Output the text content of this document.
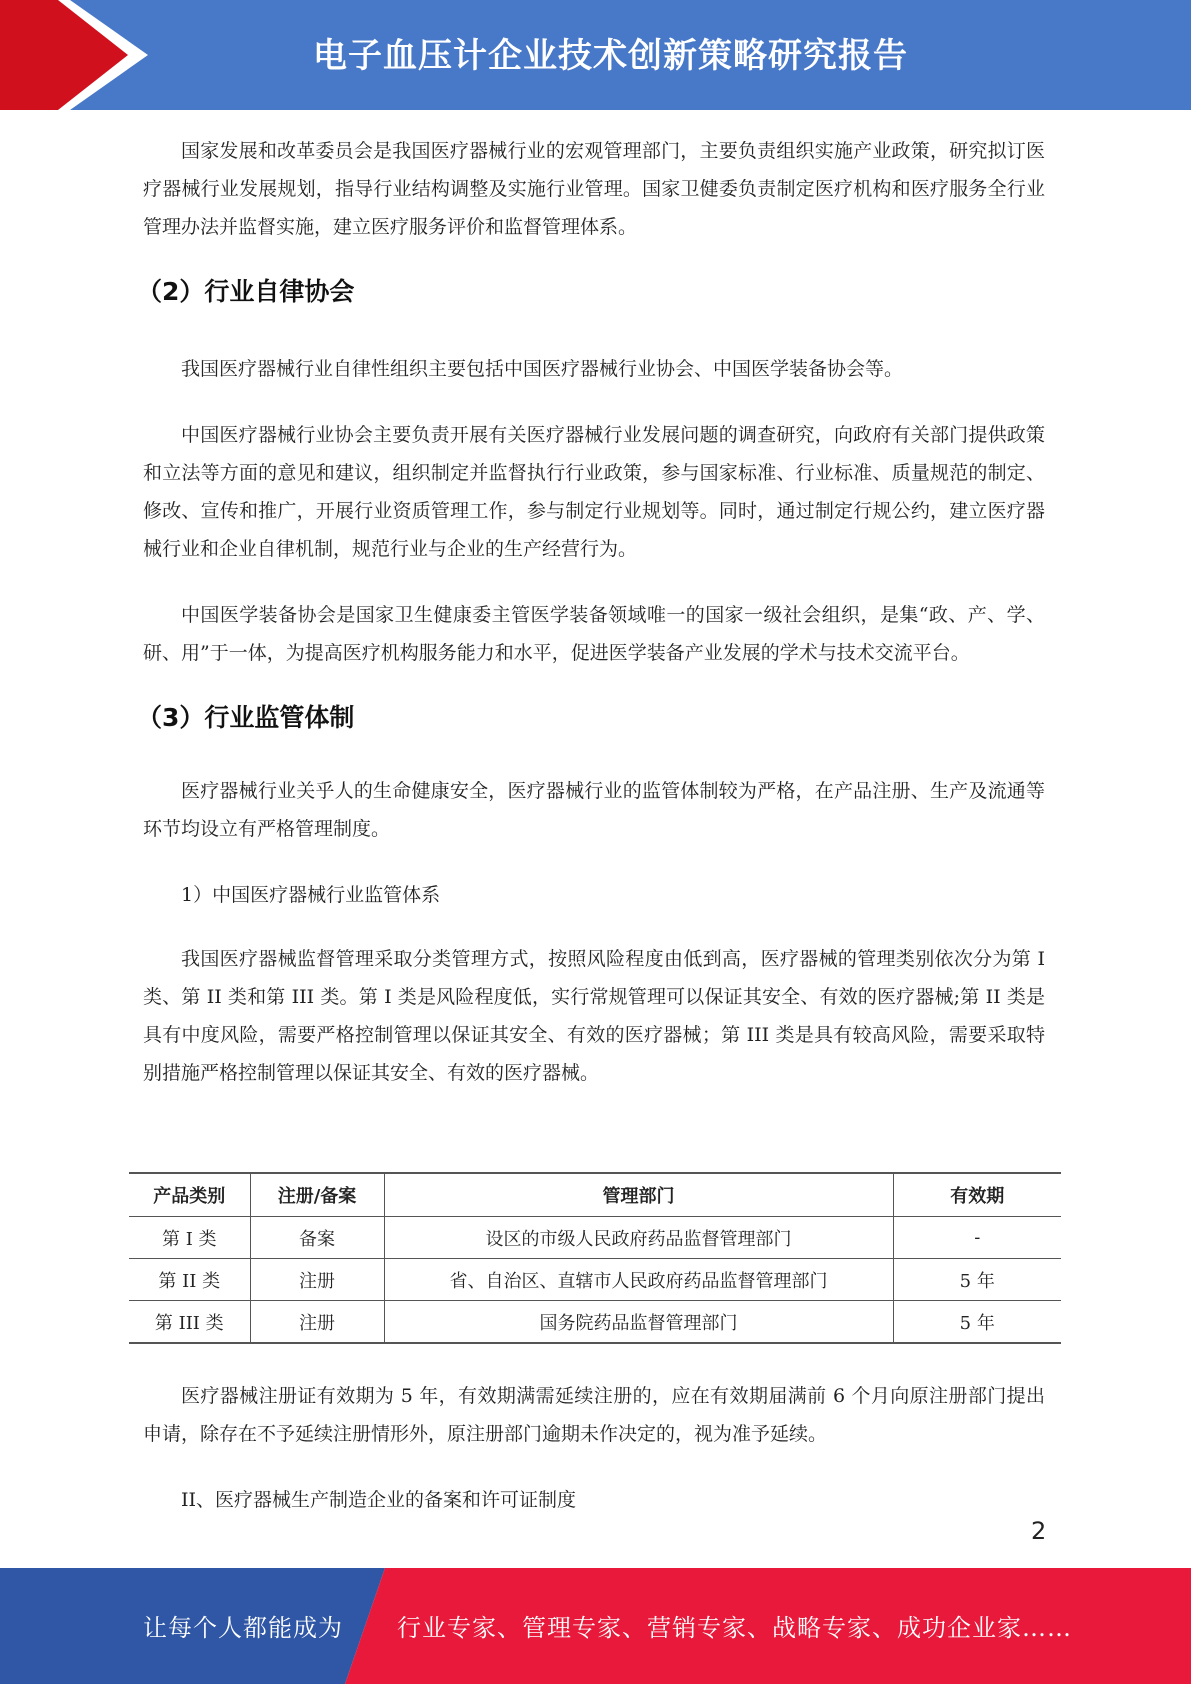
电子血压计企业技术创新策略研究报告

国家发展和改革委员会是我国医疗器械行业的宏观管理部门，主要负责组织实施产业政策，研究拟订医疗器械行业发展规划，指导行业结构调整及实施行业管理。国家卫健委负责制定医疗机构和医疗服务全行业管理办法并监督实施，建立医疗服务评价和监督管理体系。

（2）行业自律协会

我国医疗器械行业自律性组织主要包括中国医疗器械行业协会、中国医学装备协会等。

中国医疗器械行业协会主要负责开展有关医疗器械行业发展问题的调查研究，向政府有关部门提供政策和立法等方面的意见和建议，组织制定并监督执行行业政策，参与国家标准、行业标准、质量规范的制定、修改、宣传和推广，开展行业资质管理工作，参与制定行业规划等。同时，通过制定行规公约，建立医疗器械行业和企业自律机制，规范行业与企业的生产经营行为。

中国医学装备协会是国家卫生健康委主管医学装备领域唯一的国家一级社会组织，是集“政、产、学、研、用”于一体，为提高医疗机构服务能力和水平，促进医学装备产业发展的学术与技术交流平台。

（3）行业监管体制

医疗器械行业关乎人的生命健康安全，医疗器械行业的监管体制较为严格，在产品注册、生产及流通等环节均设立有严格管理制度。

1）中国医疗器械行业监管体系

我国医疗器械监督管理采取分类管理方式，按照风险程度由低到高，医疗器械的管理类别依次分为第 I 类、第 II 类和第 III 类。第 I 类是风险程度低，实行常规管理可以保证其安全、有效的医疗器械;第 II 类是具有中度风险，需要严格控制管理以保证其安全、有效的医疗器械；第 III 类是具有较高风险，需要采取特别措施严格控制管理以保证其安全、有效的医疗器械。

产品类别	注册/备案	管理部门	有效期
第 I 类	备案	设区的市级人民政府药品监督管理部门	-
第 II 类	注册	省、自治区、直辖市人民政府药品监督管理部门	5 年
第 III 类	注册	国务院药品监督管理部门	5 年

医疗器械注册证有效期为 5 年，有效期满需延续注册的，应在有效期届满前 6 个月向原注册部门提出申请，除存在不予延续注册情形外，原注册部门逾期未作决定的，视为准予延续。

II、医疗器械生产制造企业的备案和许可证制度

2
让每个人都能成为 行业专家、管理专家、营销专家、战略专家、成功企业家……
